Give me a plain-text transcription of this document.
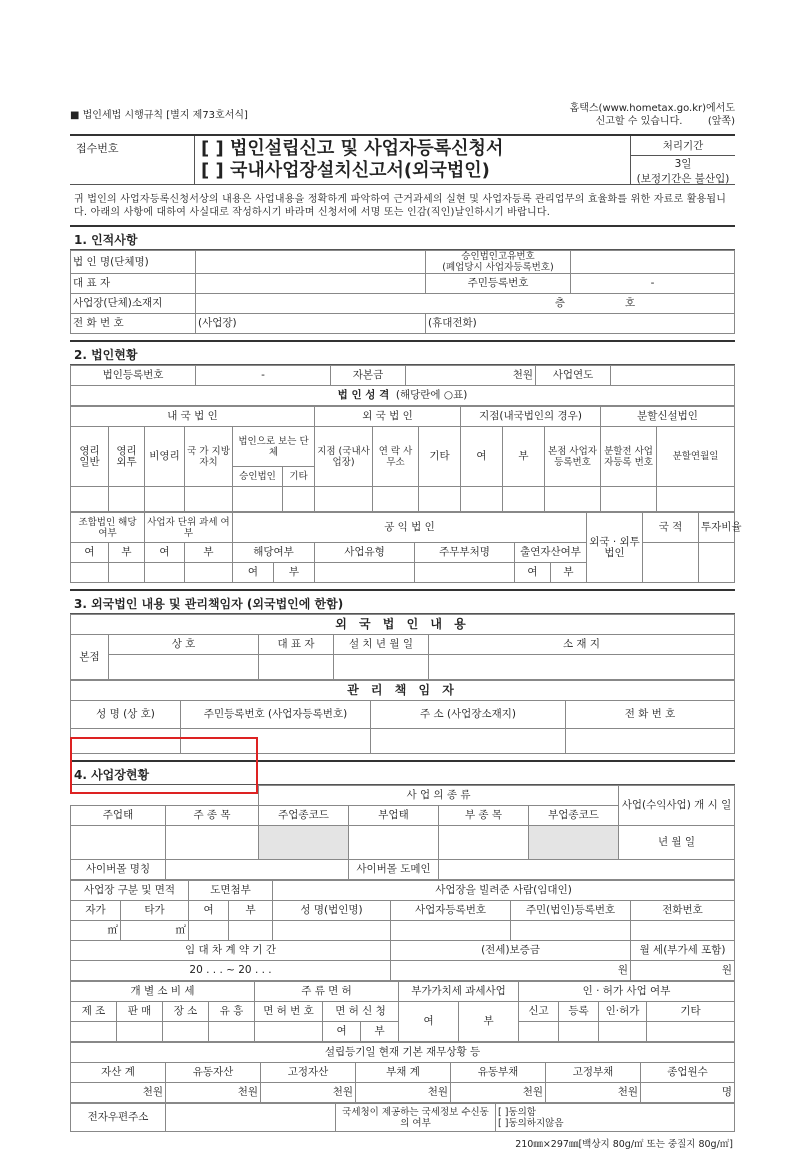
■ 법인세법 시행규칙 [별지 제73호서식]
홈택스(www.hometax.go.kr)에서도
신고할 수 있습니다.	(앞쪽)
접수번호	[ ] 법인설립신고 및 사업자등록신청서
[ ] 국내사업장설치신고서(외국법인)
처리기간
3일
(보정기간은 불산입)
귀 법인의 사업자등록신청서상의 내용은 사업내용을 정확하게 파악하여 근거과세의 실현 및 사업자등록 관리업무의 효율화를 위한 자료로 활용됩니다. 아래의 사항에 대하여 사실대로 작성하시기 바라며 신청서에 서명 또는 인감(직인)날인하시기 바랍니다.
1. 인적사항
법 인 명(단체명)		승인법인고유번호
(폐업당시 사업자등록번호)	
대 표 자		주민등록번호	-
사업장(단체)소재지	층 호		
전 화 번 호	(사업장)	(휴대전화)	
2. 법인현황
법인등록번호	-	자본금	천원	사업연도	
법 인 성 격 (해당란에 ○표)
내 국 법 인						외 국 법 인			지점(내국법인의 경우)			분할신설법인	
영리 일반	영리 외투	비영리	국 가 지방자치	법인으로 보는 단체		지점 (국내사업장)	연 락 사무소	기타	여	부	본점 사업자 등록번호	분할전 사업자등록 번호	분할연월일
				승인법인	기타								

조합법인 해당 여부		사업자 단위 과세 여부		공 익 법 인						외국 · 외투 법인	국 적	투자비율
여	부	여	부	해당여부		사업유형	주무부처명	출연자산여부				
				여	부			여	부			
3. 외국법인 내용 및 관리책임자 (외국법인에 한함)
외 국 법 인 내 용				
본점	상 호	대 표 자	설 치 년 월 일	소 재 지

관 리 책 임 자			
성 명 (상 호)	주민등록번호 (사업자등록번호)	주 소 (사업장소재지)	전 화 번 호

4. 사업장현황
		사 업 의 종 류				사업(수익사업) 개 시 일
주업태	주 종 목	주업종코드	부업태	부 종 목	부업종코드	
						년 월 일
사이버몰 명칭			사이버몰 도메인			
사업장 구분 및 면적		도면첨부		사업장을 빌려준 사람(임대인)			
자가	타가	여	부	성 명(법인명)	사업자등록번호	주민(법인)등록번호	전화번호
㎡	㎡						
임 대 차 계 약 기 간					(전세)보증금		월 세(부가세 포함)
20 . . . ~ 20 . . .					원		원
개 별 소 비 세				주 류 면 허			부가가치세 과세사업		인 · 허가 사업 여부			
제 조	판 매	장 소	유 흥	면 허 번 호	면 허 신 청		여	부	신고	등록	인·허가	기타
					여	부						
설립등기일 현재 기본 재무상황 등						
자산 계	유동자산	고정자산	부채 계	유동부채	고정부채	종업원수
천원	천원	천원	천원	천원	천원	명
전자우편주소		국세청이 제공하는 국세정보 수신동의 여부	
[ ]동의함
[ ]동의하지않음
210㎜×297㎜[백상지 80g/㎡ 또는 중질지 80g/㎡]
